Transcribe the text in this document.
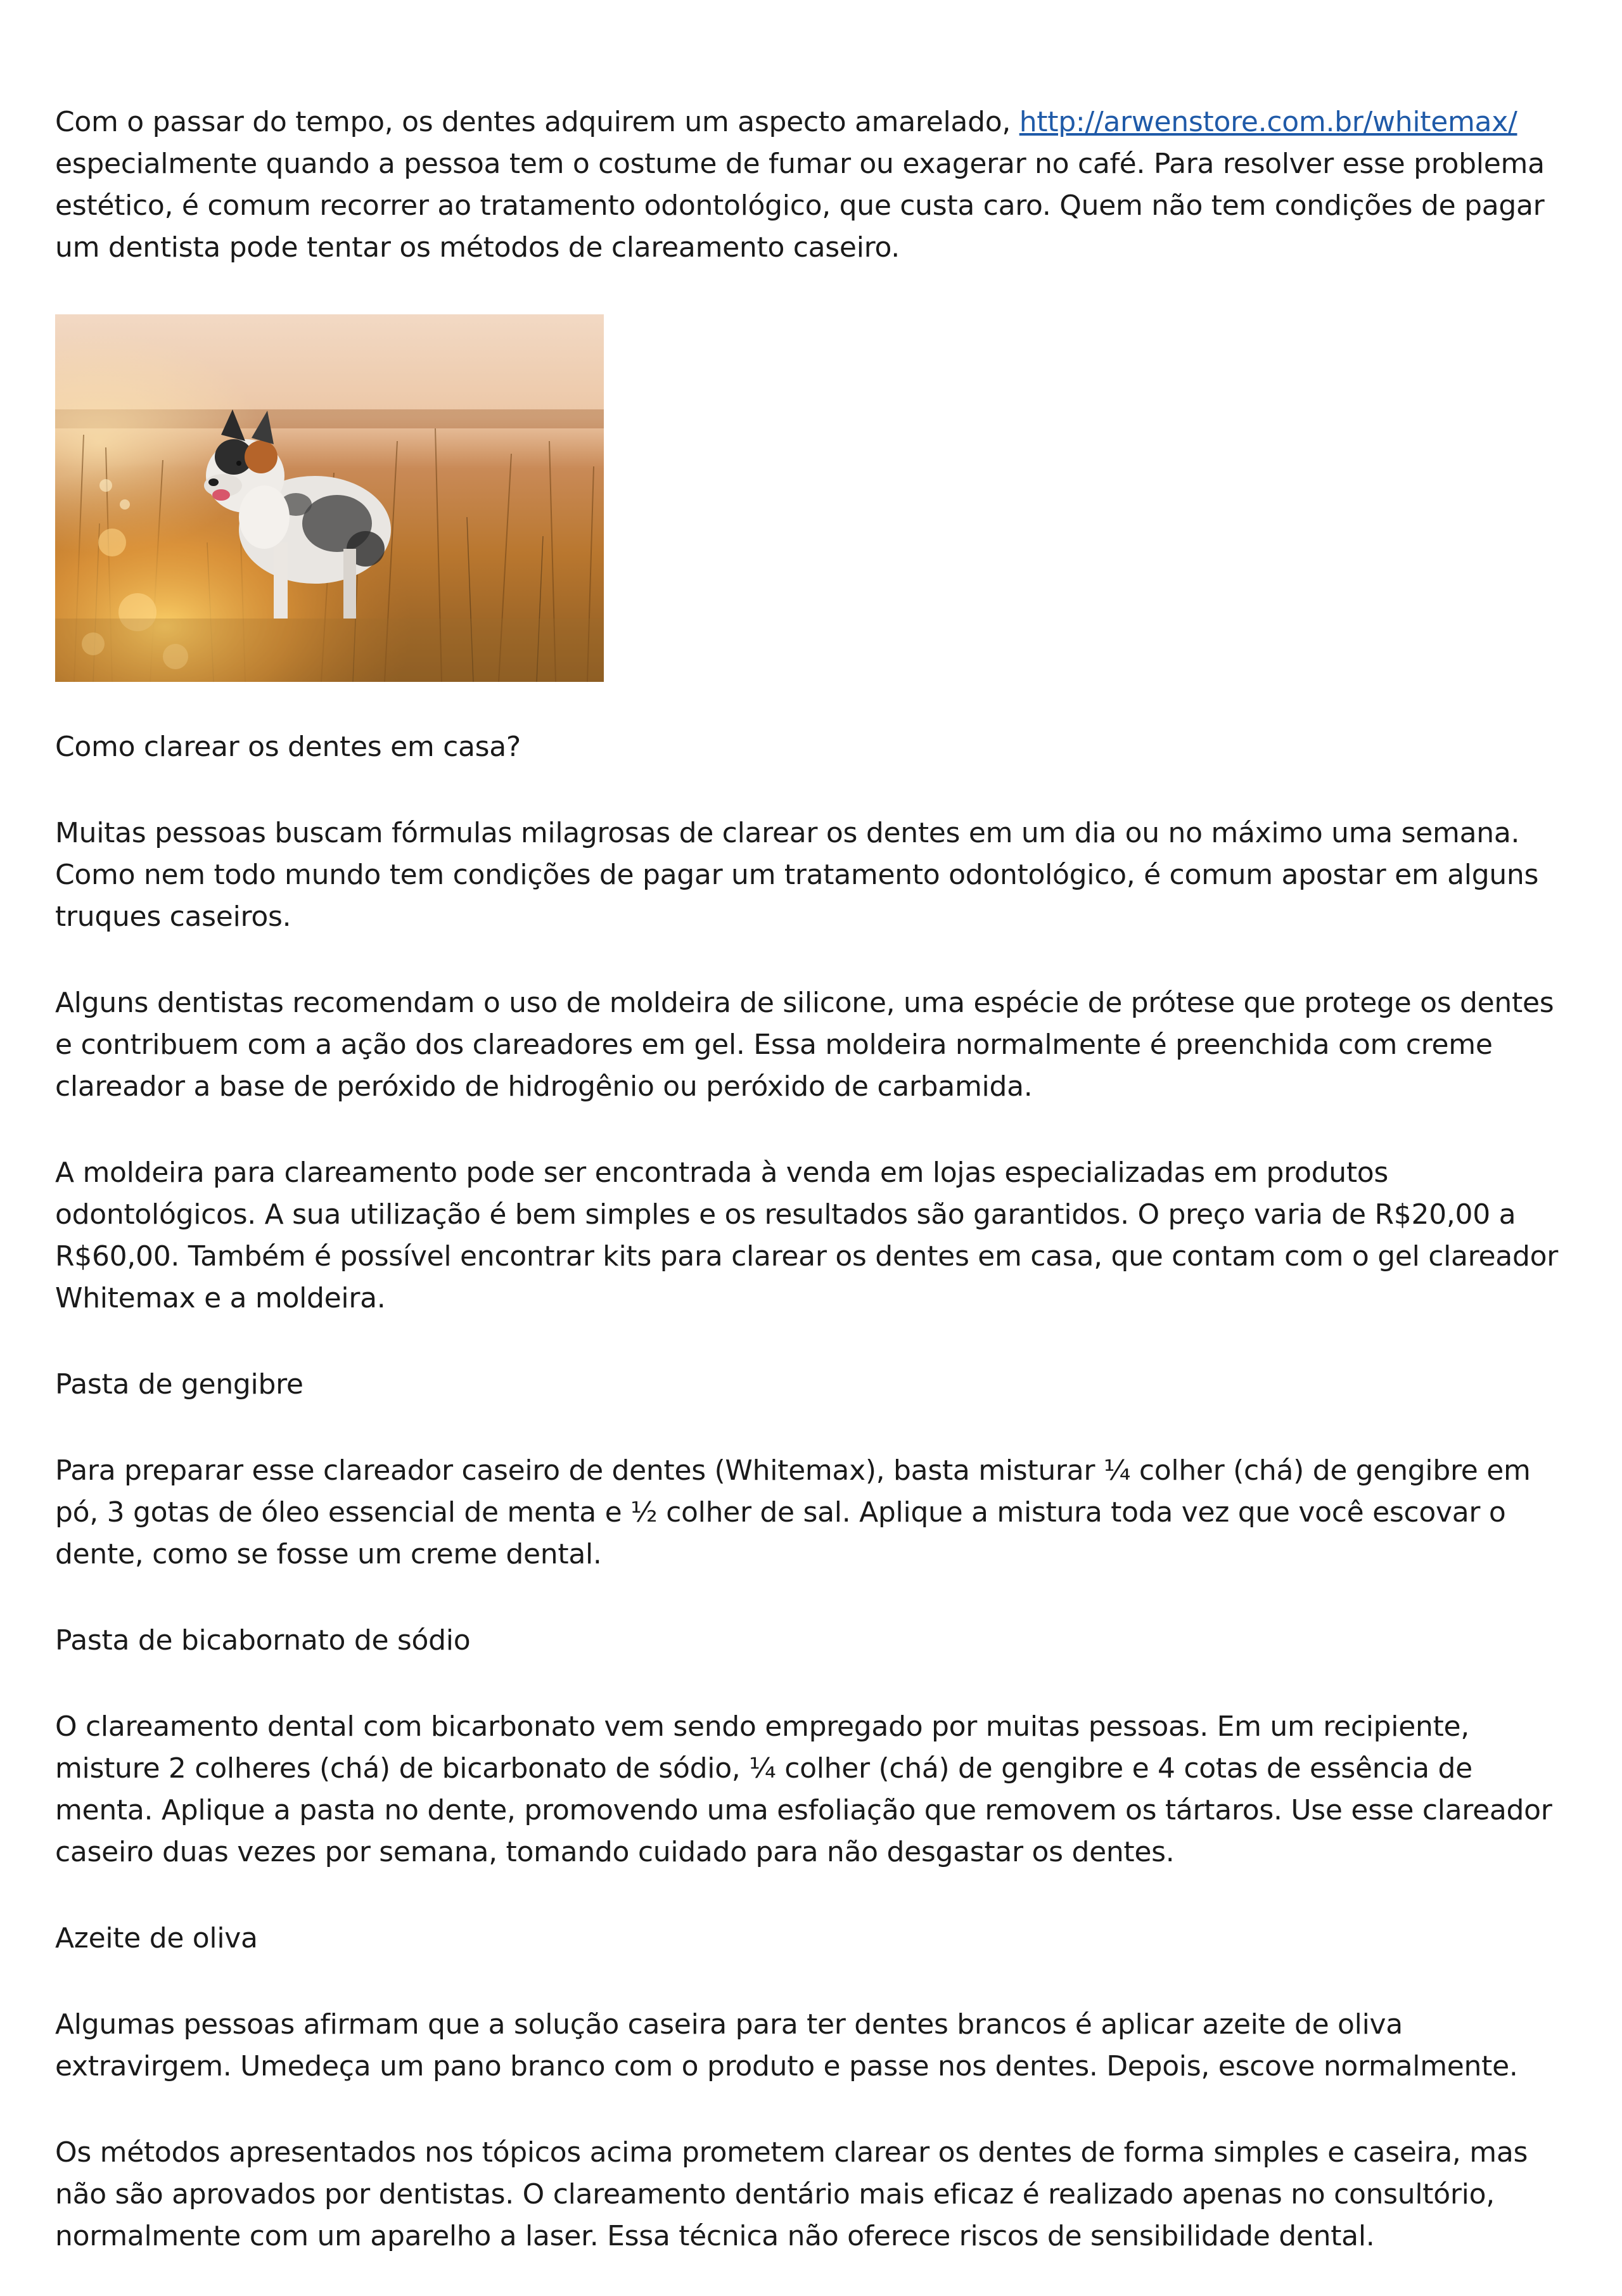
Com o passar do tempo, os dentes adquirem um aspecto amarelado, http://arwenstore.com.br/whitemax/ especialmente quando a pessoa tem o costume de fumar ou exagerar no café. Para resolver esse problema estético, é comum recorrer ao tratamento odontológico, que custa caro. Quem não tem condições de pagar um dentista pode tentar os métodos de clareamento caseiro.

Como clarear os dentes em casa?

Muitas pessoas buscam fórmulas milagrosas de clarear os dentes em um dia ou no máximo uma semana. Como nem todo mundo tem condições de pagar um tratamento odontológico, é comum apostar em alguns truques caseiros.

Alguns dentistas recomendam o uso de moldeira de silicone, uma espécie de prótese que protege os dentes e contribuem com a ação dos clareadores em gel. Essa moldeira normalmente é preenchida com creme clareador a base de peróxido de hidrogênio ou peróxido de carbamida.

A moldeira para clareamento pode ser encontrada à venda em lojas especializadas em produtos odontológicos. A sua utilização é bem simples e os resultados são garantidos. O preço varia de R$20,00 a R$60,00. Também é possível encontrar kits para clarear os dentes em casa, que contam com o gel clareador Whitemax e a moldeira.

Pasta de gengibre

Para preparar esse clareador caseiro de dentes (Whitemax), basta misturar ¼ colher (chá) de gengibre em pó, 3 gotas de óleo essencial de menta e ½ colher de sal. Aplique a mistura toda vez que você escovar o dente, como se fosse um creme dental.

Pasta de bicabornato de sódio

O clareamento dental com bicarbonato vem sendo empregado por muitas pessoas. Em um recipiente, misture 2 colheres (chá) de bicarbonato de sódio, ¼ colher (chá) de gengibre e 4 cotas de essência de menta. Aplique a pasta no dente, promovendo uma esfoliação que removem os tártaros. Use esse clareador caseiro duas vezes por semana, tomando cuidado para não desgastar os dentes.

Azeite de oliva

Algumas pessoas afirmam que a solução caseira para ter dentes brancos é aplicar azeite de oliva extravirgem. Umedeça um pano branco com o produto e passe nos dentes. Depois, escove normalmente.

Os métodos apresentados nos tópicos acima prometem clarear os dentes de forma simples e caseira, mas não são aprovados por dentistas. O clareamento dentário mais eficaz é realizado apenas no consultório, normalmente com um aparelho a laser. Essa técnica não oferece riscos de sensibilidade dental.
